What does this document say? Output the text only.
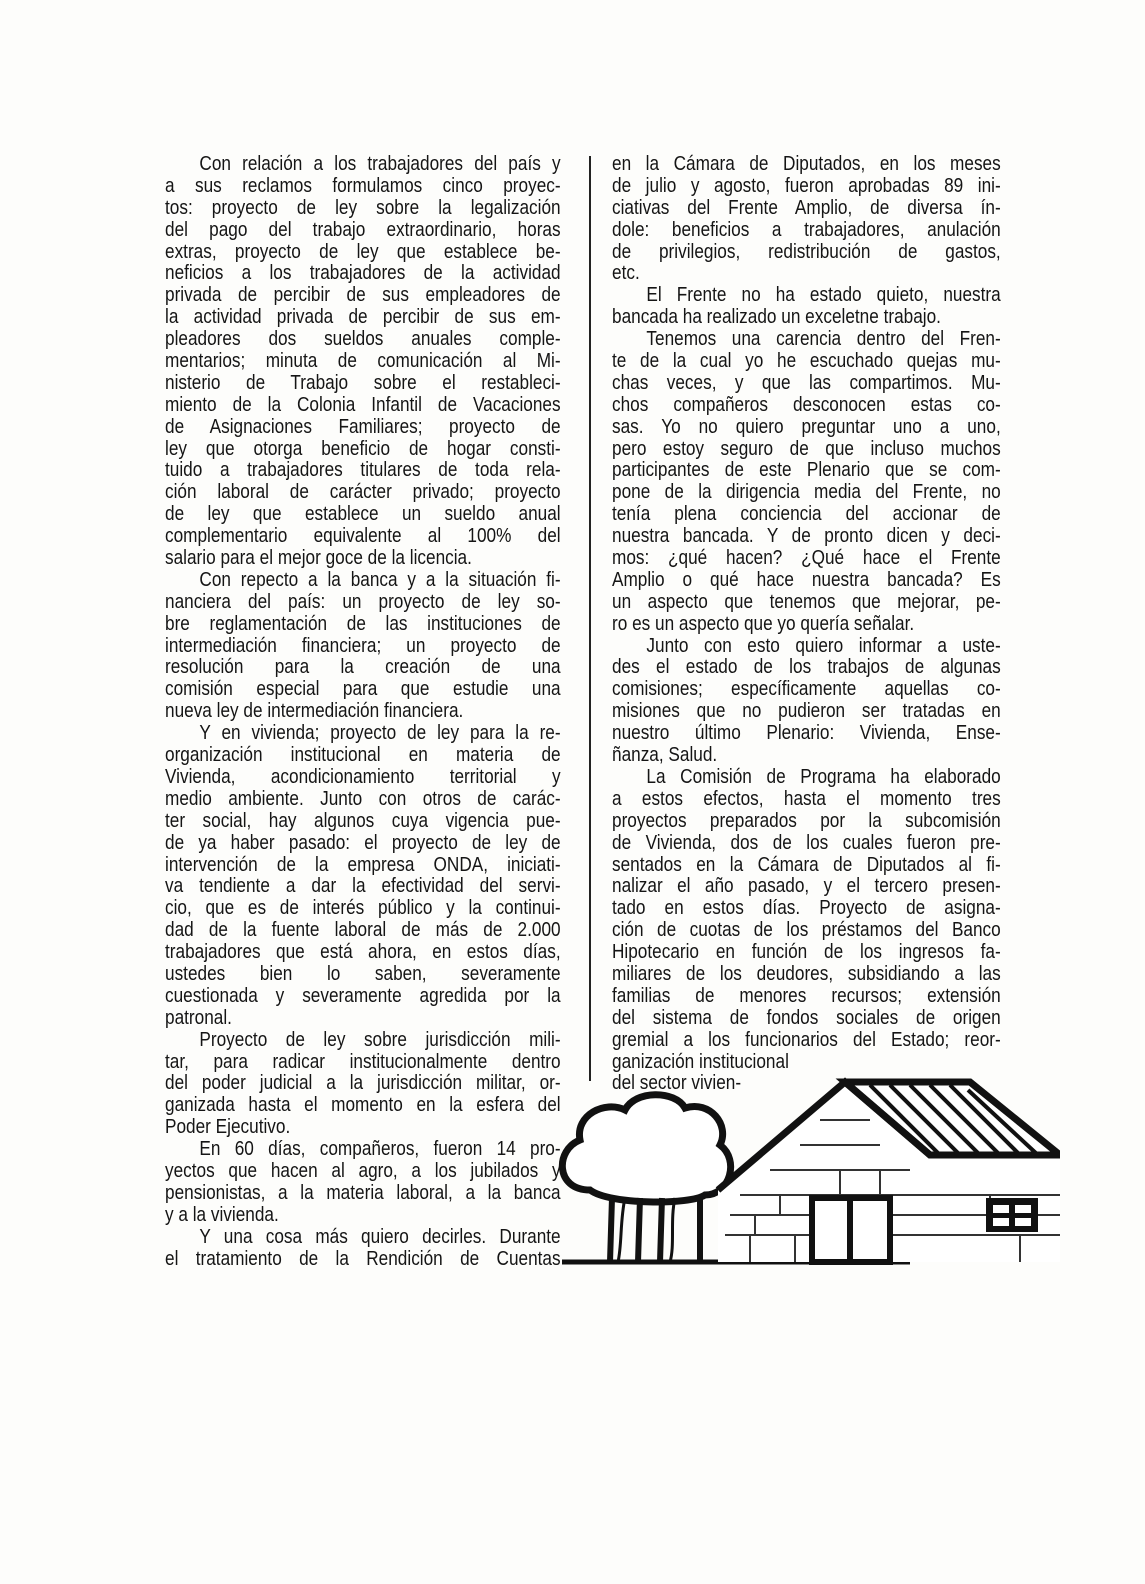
Con relación a los trabajadores del país y
a sus reclamos formulamos cinco proyec-
tos: proyecto de ley sobre la legalización
del pago del trabajo extraordinario, horas
extras, proyecto de ley que establece be-
neficios a los trabajadores de la actividad
privada de percibir de sus empleadores de
la actividad privada de percibir de sus em-
pleadores dos sueldos anuales comple-
mentarios; minuta de comunicación al Mi-
nisterio de Trabajo sobre el restableci-
miento de la Colonia Infantil de Vacaciones
de Asignaciones Familiares; proyecto de
ley que otorga beneficio de hogar consti-
tuido a trabajadores titulares de toda rela-
ción laboral de carácter privado; proyecto
de ley que establece un sueldo anual
complementario equivalente al 100% del
salario para el mejor goce de la licencia.
Con repecto a la banca y a la situación fi-
nanciera del país: un proyecto de ley so-
bre reglamentación de las instituciones de
intermediación financiera; un proyecto de
resolución para la creación de una
comisión especial para que estudie una
nueva ley de intermediación financiera.
Y en vivienda; proyecto de ley para la re-
organización institucional en materia de
Vivienda, acondicionamiento territorial y
medio ambiente. Junto con otros de carác-
ter social, hay algunos cuya vigencia pue-
de ya haber pasado: el proyecto de ley de
intervención de la empresa ONDA, iniciati-
va tendiente a dar la efectividad del servi-
cio, que es de interés público y la continui-
dad de la fuente laboral de más de 2.000
trabajadores que está ahora, en estos días,
ustedes bien lo saben, severamente
cuestionada y severamente agredida por la
patronal.
Proyecto de ley sobre jurisdicción mili-
tar, para radicar institucionalmente dentro
del poder judicial a la jurisdicción militar, or-
ganizada hasta el momento en la esfera del
Poder Ejecutivo.
En 60 días, compañeros, fueron 14 pro-
yectos que hacen al agro, a los jubilados y
pensionistas, a la materia laboral, a la banca
y a la vivienda.
Y una cosa más quiero decirles. Durante
el tratamiento de la Rendición de Cuentas
en la Cámara de Diputados, en los meses
de julio y agosto, fueron aprobadas 89 ini-
ciativas del Frente Amplio, de diversa ín-
dole: beneficios a trabajadores, anulación
de privilegios, redistribución de gastos,
etc.
El Frente no ha estado quieto, nuestra
bancada ha realizado un exceletne trabajo.
Tenemos una carencia dentro del Fren-
te de la cual yo he escuchado quejas mu-
chas veces, y que las compartimos. Mu-
chos compañeros desconocen estas co-
sas. Yo no quiero preguntar uno a uno,
pero estoy seguro de que incluso muchos
participantes de este Plenario que se com-
pone de la dirigencia media del Frente, no
tenía plena conciencia del accionar de
nuestra bancada. Y de pronto dicen y deci-
mos: ¿qué hacen? ¿Qué hace el Frente
Amplio o qué hace nuestra bancada? Es
un aspecto que tenemos que mejorar, pe-
ro es un aspecto que yo quería señalar.
Junto con esto quiero informar a uste-
des el estado de los trabajos de algunas
comisiones; específicamente aquellas co-
misiones que no pudieron ser tratadas en
nuestro último Plenario: Vivienda, Ense-
ñanza, Salud.
La Comisión de Programa ha elaborado
a estos efectos, hasta el momento tres
proyectos preparados por la subcomisión
de Vivienda, dos de los cuales fueron pre-
sentados en la Cámara de Diputados al fi-
nalizar el año pasado, y el tercero presen-
tado en estos días. Proyecto de asigna-
ción de cuotas de los préstamos del Banco
Hipotecario en función de los ingresos fa-
miliares de los deudores, subsidiando a las
familias de menores recursos; extensión
del sistema de fondos sociales de origen
gremial a los funcionarios del Estado; reor-
ganización institucional
del sector vivien-
